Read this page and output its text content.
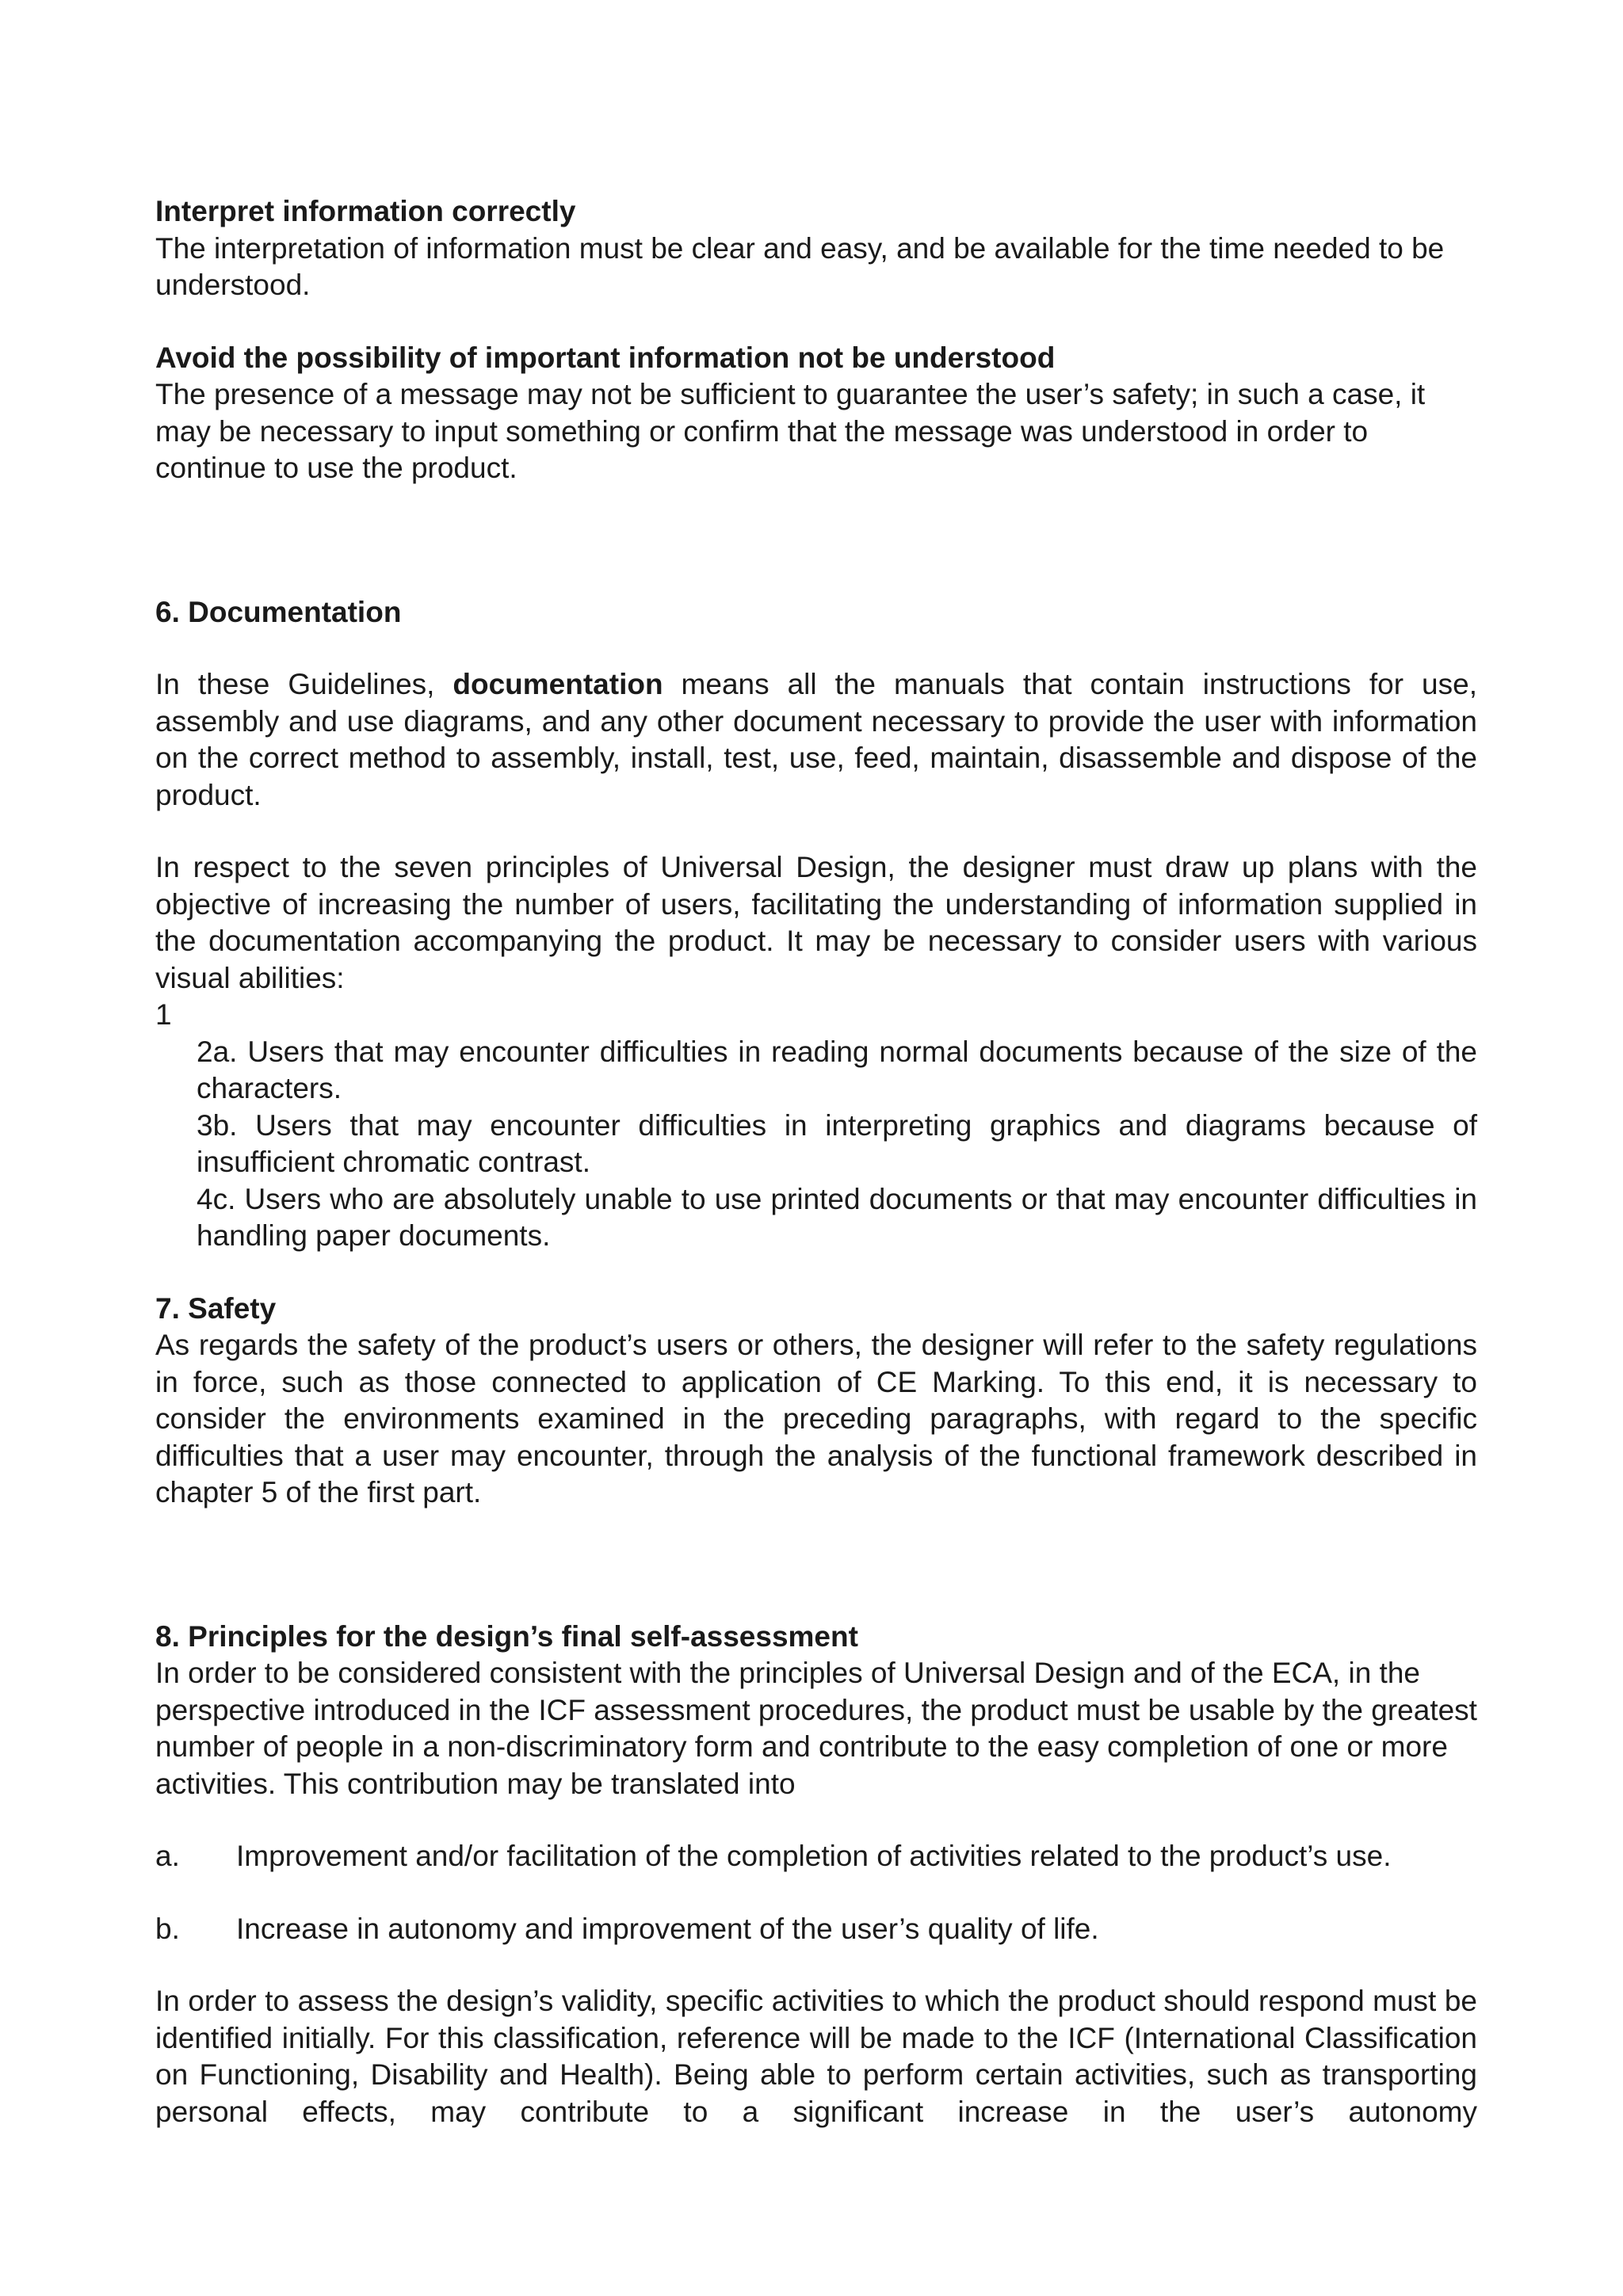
Interpret information correctly

The interpretation of information must be clear and easy, and be available for the time needed to be understood.

Avoid the possibility of important information not be understood

The presence of a message may not be sufficient to guarantee the user’s safety; in such a case, it may be necessary to input something or confirm that the message was understood in order to continue to use the product.

6. Documentation

In these Guidelines, documentation means all the manuals that contain instructions for use, assembly and use diagrams, and any other document necessary to provide the user with information on the correct method to assembly, install, test, use, feed, maintain, disassemble and dispose of the product.

In respect to the seven principles of Universal Design, the designer must draw up plans with the objective of increasing the number of users, facilitating the understanding of information supplied in the documentation accompanying the product. It may be necessary to consider users with various visual abilities:

1
2a. Users that may encounter difficulties in reading normal documents because of the size of the characters.
3b. Users that may encounter difficulties in interpreting graphics and diagrams because of insufficient chromatic contrast.
4c. Users who are absolutely unable to use printed documents or that may encounter difficulties in handling paper documents.

7. Safety

As regards the safety of the product’s users or others, the designer will refer to the safety regulations in force, such as those connected to application of CE Marking. To this end, it is necessary to consider the environments examined in the preceding paragraphs, with regard to the specific difficulties that a user may encounter, through the analysis of the functional framework described in chapter 5 of the first part.

8. Principles for the design’s final self-assessment

In order to be considered consistent with the principles of Universal Design and of the ECA, in the perspective introduced in the ICF assessment procedures, the product must be usable by the greatest number of people in a non-discriminatory form and contribute to the easy completion of one or more activities. This contribution may be translated into

a.	Improvement and/or facilitation of the completion of activities related to the product’s use.
b.	Increase in autonomy and improvement of the user’s quality of life.

In order to assess the design’s validity, specific activities to which the product should respond must be identified initially. For this classification, reference will be made to the ICF (International Classification on Functioning, Disability and Health). Being able to perform certain activities, such as transporting personal effects, may contribute to a significant increase in the user’s autonomy
